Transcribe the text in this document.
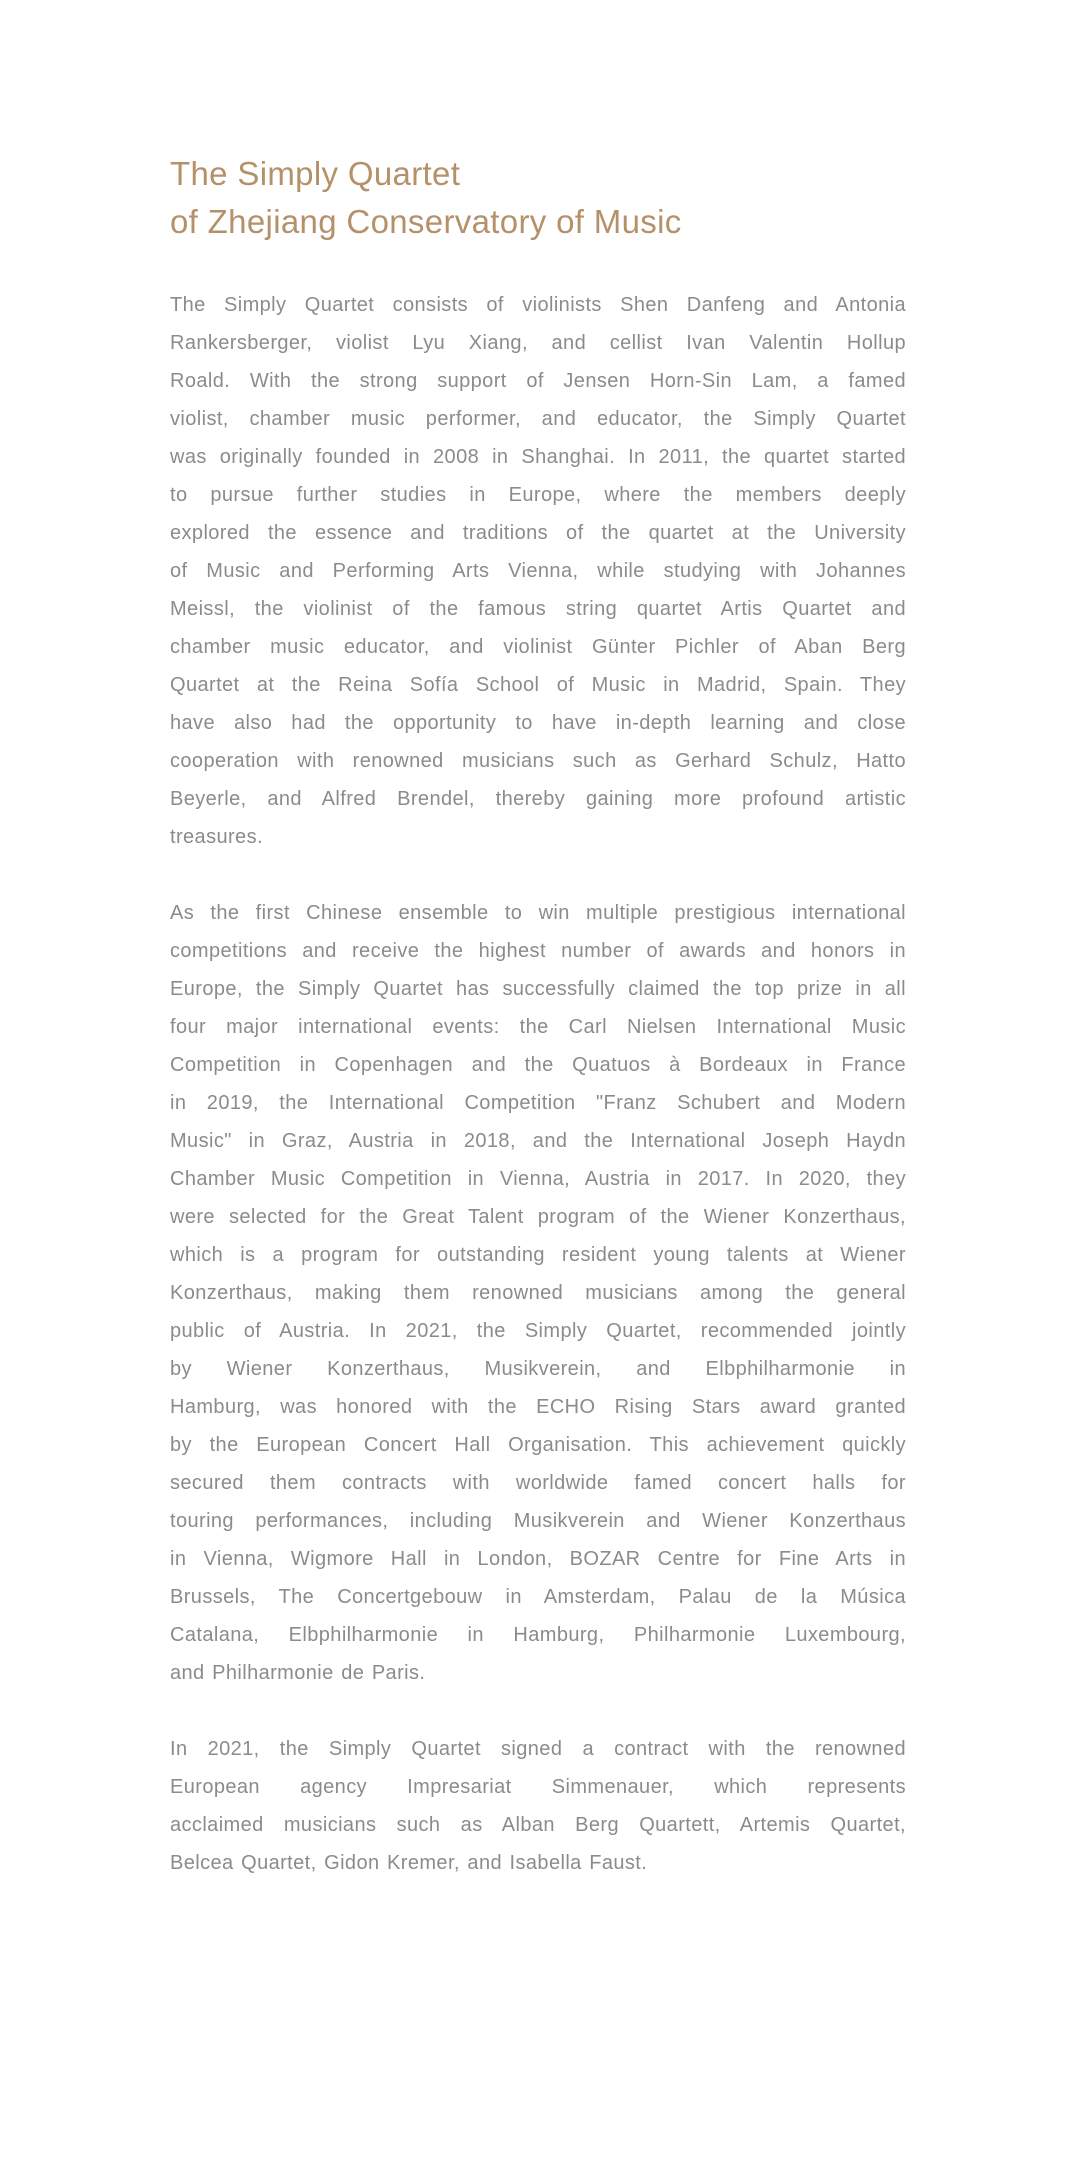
The Simply Quartet
of Zhejiang Conservatory of Music
The Simply Quartet consists of violinists Shen Danfeng and Antonia
Rankersberger, violist Lyu Xiang, and cellist Ivan Valentin Hollup
Roald. With the strong support of Jensen Horn-Sin Lam, a famed
violist, chamber music performer, and educator, the Simply Quartet
was originally founded in 2008 in Shanghai. In 2011, the quartet started
to pursue further studies in Europe, where the members deeply
explored the essence and traditions of the quartet at the University
of Music and Performing Arts Vienna, while studying with Johannes
Meissl, the violinist of the famous string quartet Artis Quartet and
chamber music educator, and violinist Günter Pichler of Aban Berg
Quartet at the Reina Sofía School of Music in Madrid, Spain. They
have also had the opportunity to have in-depth learning and close
cooperation with renowned musicians such as Gerhard Schulz, Hatto
Beyerle, and Alfred Brendel, thereby gaining more profound artistic
treasures.
As the first Chinese ensemble to win multiple prestigious international
competitions and receive the highest number of awards and honors in
Europe, the Simply Quartet has successfully claimed the top prize in all
four major international events: the Carl Nielsen International Music
Competition in Copenhagen and the Quatuos à Bordeaux in France
in 2019, the International Competition "Franz Schubert and Modern
Music" in Graz, Austria in 2018, and the International Joseph Haydn
Chamber Music Competition in Vienna, Austria in 2017. In 2020, they
were selected for the Great Talent program of the Wiener Konzerthaus,
which is a program for outstanding resident young talents at Wiener
Konzerthaus, making them renowned musicians among the general
public of Austria. In 2021, the Simply Quartet, recommended jointly
by Wiener Konzerthaus, Musikverein, and Elbphilharmonie in
Hamburg, was honored with the ECHO Rising Stars award granted
by the European Concert Hall Organisation. This achievement quickly
secured them contracts with worldwide famed concert halls for
touring performances, including Musikverein and Wiener Konzerthaus
in Vienna, Wigmore Hall in London, BOZAR Centre for Fine Arts in
Brussels, The Concertgebouw in Amsterdam, Palau de la Música
Catalana, Elbphilharmonie in Hamburg, Philharmonie Luxembourg,
and Philharmonie de Paris.
In 2021, the Simply Quartet signed a contract with the renowned
European agency Impresariat Simmenauer, which represents
acclaimed musicians such as Alban Berg Quartett, Artemis Quartet,
Belcea Quartet, Gidon Kremer, and Isabella Faust.
